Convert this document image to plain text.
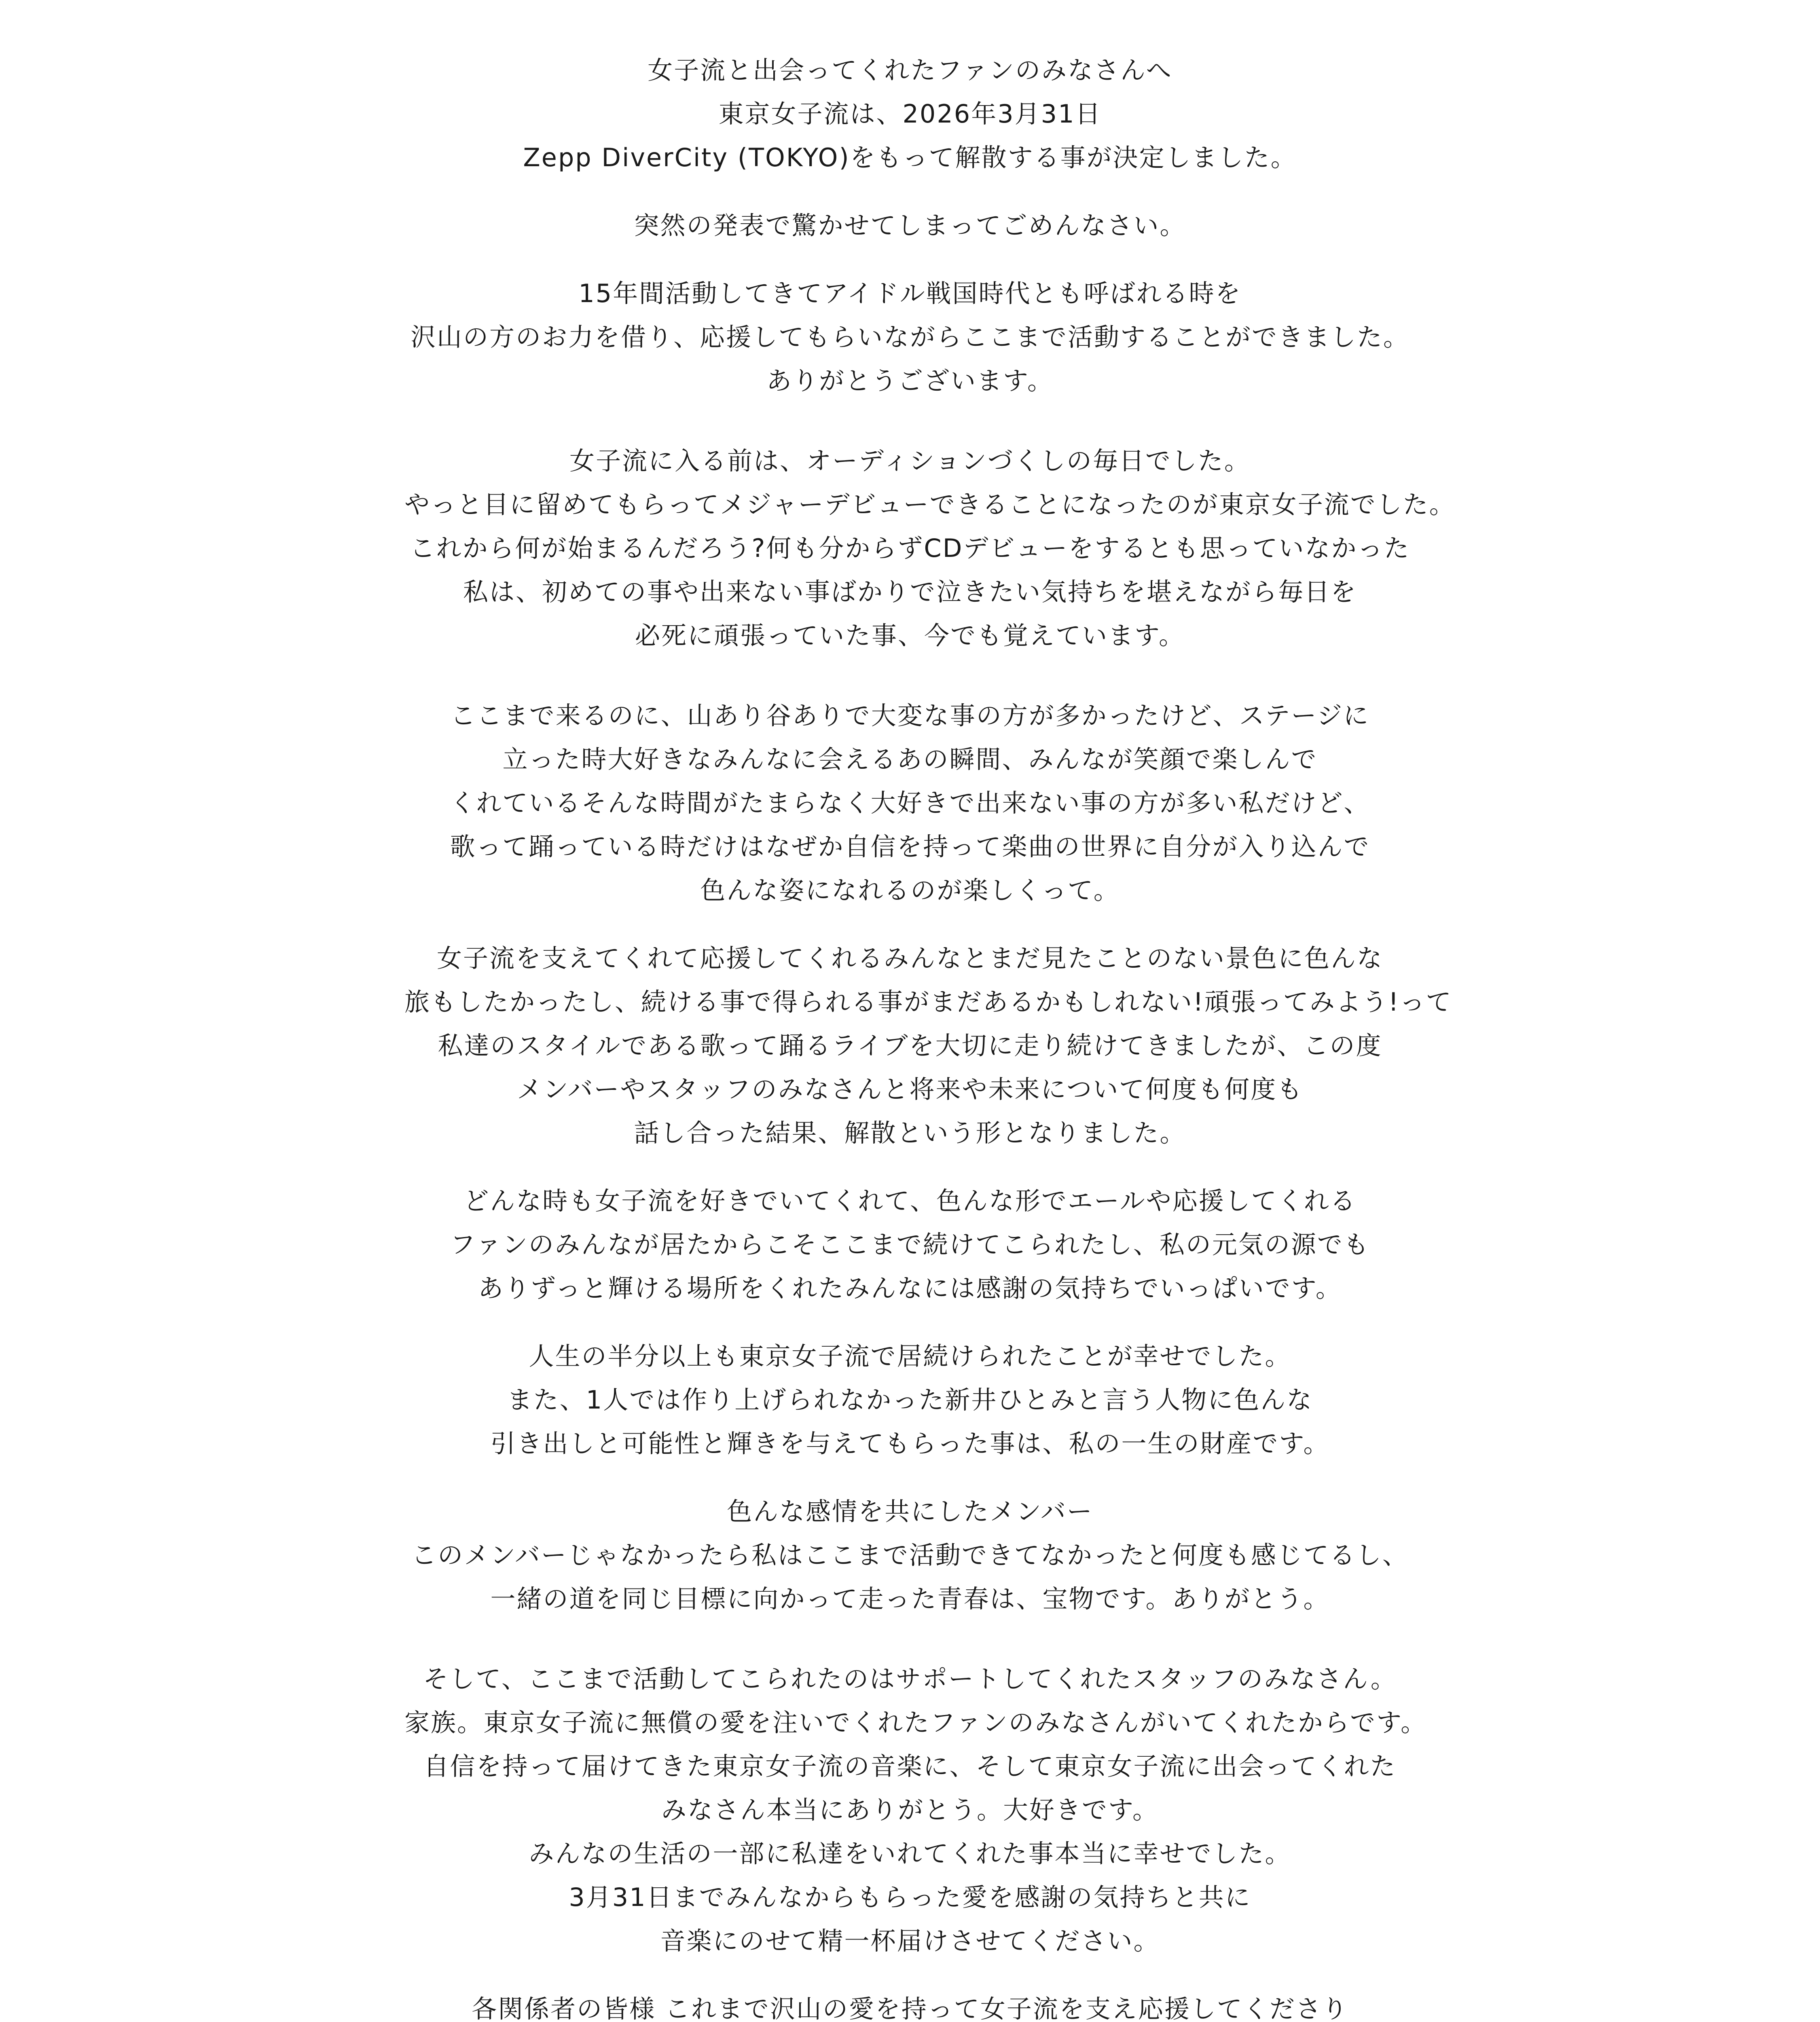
女子流と出会ってくれたファンのみなさんへ
東京女子流は、2026年3月31日
Zepp DiverCity (TOKYO)をもって解散する事が決定しました。
突然の発表で驚かせてしまってごめんなさい。
15年間活動してきてアイドル戦国時代とも呼ばれる時を
沢山の方のお力を借り、応援してもらいながらここまで活動することができました。
ありがとうございます。
女子流に入る前は、オーディションづくしの毎日でした。
やっと目に留めてもらってメジャーデビューできることになったのが東京女子流でした。
これから何が始まるんだろう?何も分からずCDデビューをするとも思っていなかった
私は、初めての事や出来ない事ばかりで泣きたい気持ちを堪えながら毎日を
必死に頑張っていた事、今でも覚えています。
ここまで来るのに、山あり谷ありで大変な事の方が多かったけど、ステージに
立った時大好きなみんなに会えるあの瞬間、みんなが笑顔で楽しんで
くれているそんな時間がたまらなく大好きで出来ない事の方が多い私だけど、
歌って踊っている時だけはなぜか自信を持って楽曲の世界に自分が入り込んで
色んな姿になれるのが楽しくって。
女子流を支えてくれて応援してくれるみんなとまだ見たことのない景色に色んな
旅もしたかったし、続ける事で得られる事がまだあるかもしれない!頑張ってみよう!って
私達のスタイルである歌って踊るライブを大切に走り続けてきましたが、この度
メンバーやスタッフのみなさんと将来や未来について何度も何度も
話し合った結果、解散という形となりました。
どんな時も女子流を好きでいてくれて、色んな形でエールや応援してくれる
ファンのみんなが居たからこそここまで続けてこられたし、私の元気の源でも
ありずっと輝ける場所をくれたみんなには感謝の気持ちでいっぱいです。
人生の半分以上も東京女子流で居続けられたことが幸せでした。
また、1人では作り上げられなかった新井ひとみと言う人物に色んな
引き出しと可能性と輝きを与えてもらった事は、私の一生の財産です。
色んな感情を共にしたメンバー
このメンバーじゃなかったら私はここまで活動できてなかったと何度も感じてるし、
一緒の道を同じ目標に向かって走った青春は、宝物です。ありがとう。
そして、ここまで活動してこられたのはサポートしてくれたスタッフのみなさん。
家族。東京女子流に無償の愛を注いでくれたファンのみなさんがいてくれたからです。
自信を持って届けてきた東京女子流の音楽に、そして東京女子流に出会ってくれた
みなさん本当にありがとう。大好きです。
みんなの生活の一部に私達をいれてくれた事本当に幸せでした。
3月31日までみんなからもらった愛を感謝の気持ちと共に
音楽にのせて精一杯届けさせてください。
各関係者の皆様 これまで沢山の愛を持って女子流を支え応援してくださり
